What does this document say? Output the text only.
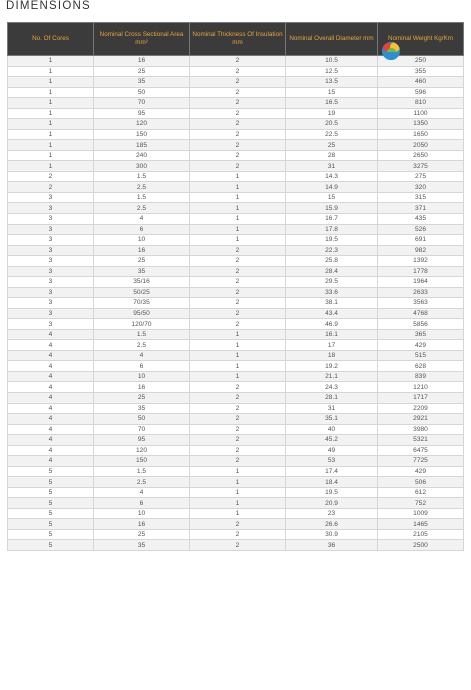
DIMENSIONS
No. Of Cores	Nominal Cross Sectional Area mm²	Nominal Thickness Of Insulation mm	Nominal Overall Diameter mm	Nominal Weight Kg/Km

1	16	2	10.5	250
1	25	2	12.5	355
1	35	2	13.5	460
1	50	2	15	596
1	70	2	16.5	810
1	95	2	19	1100
1	120	2	20.5	1350
1	150	2	22.5	1650
1	185	2	25	2050
1	240	2	28	2650
1	300	2	31	3275
2	1.5	1	14.3	275
2	2.5	1	14.9	320
3	1.5	1	15	315
3	2.5	1	15.9	371
3	4	1	16.7	435
3	6	1	17.8	526
3	10	1	19.5	691
3	16	2	22.3	982
3	25	2	25.8	1392
3	35	2	28.4	1778
3	35/16	2	29.5	1964
3	50/25	2	33.6	2633
3	70/35	2	38.1	3563
3	95/50	2	43.4	4768
3	120/70	2	46.9	5856
4	1.5	1	16.1	365
4	2.5	1	17	429
4	4	1	18	515
4	6	1	19.2	628
4	10	1	21.1	839
4	16	2	24.3	1210
4	25	2	28.1	1717
4	35	2	31	2209
4	50	2	35.1	2921
4	70	2	40	3980
4	95	2	45.2	5321
4	120	2	49	6475
4	150	2	53	7725
5	1.5	1	17.4	429
5	2.5	1	18.4	506
5	4	1	19.5	612
5	6	1	20.9	752
5	10	1	23	1009
5	16	2	26.6	1465
5	25	2	30.9	2105
5	35	2	36	2500
